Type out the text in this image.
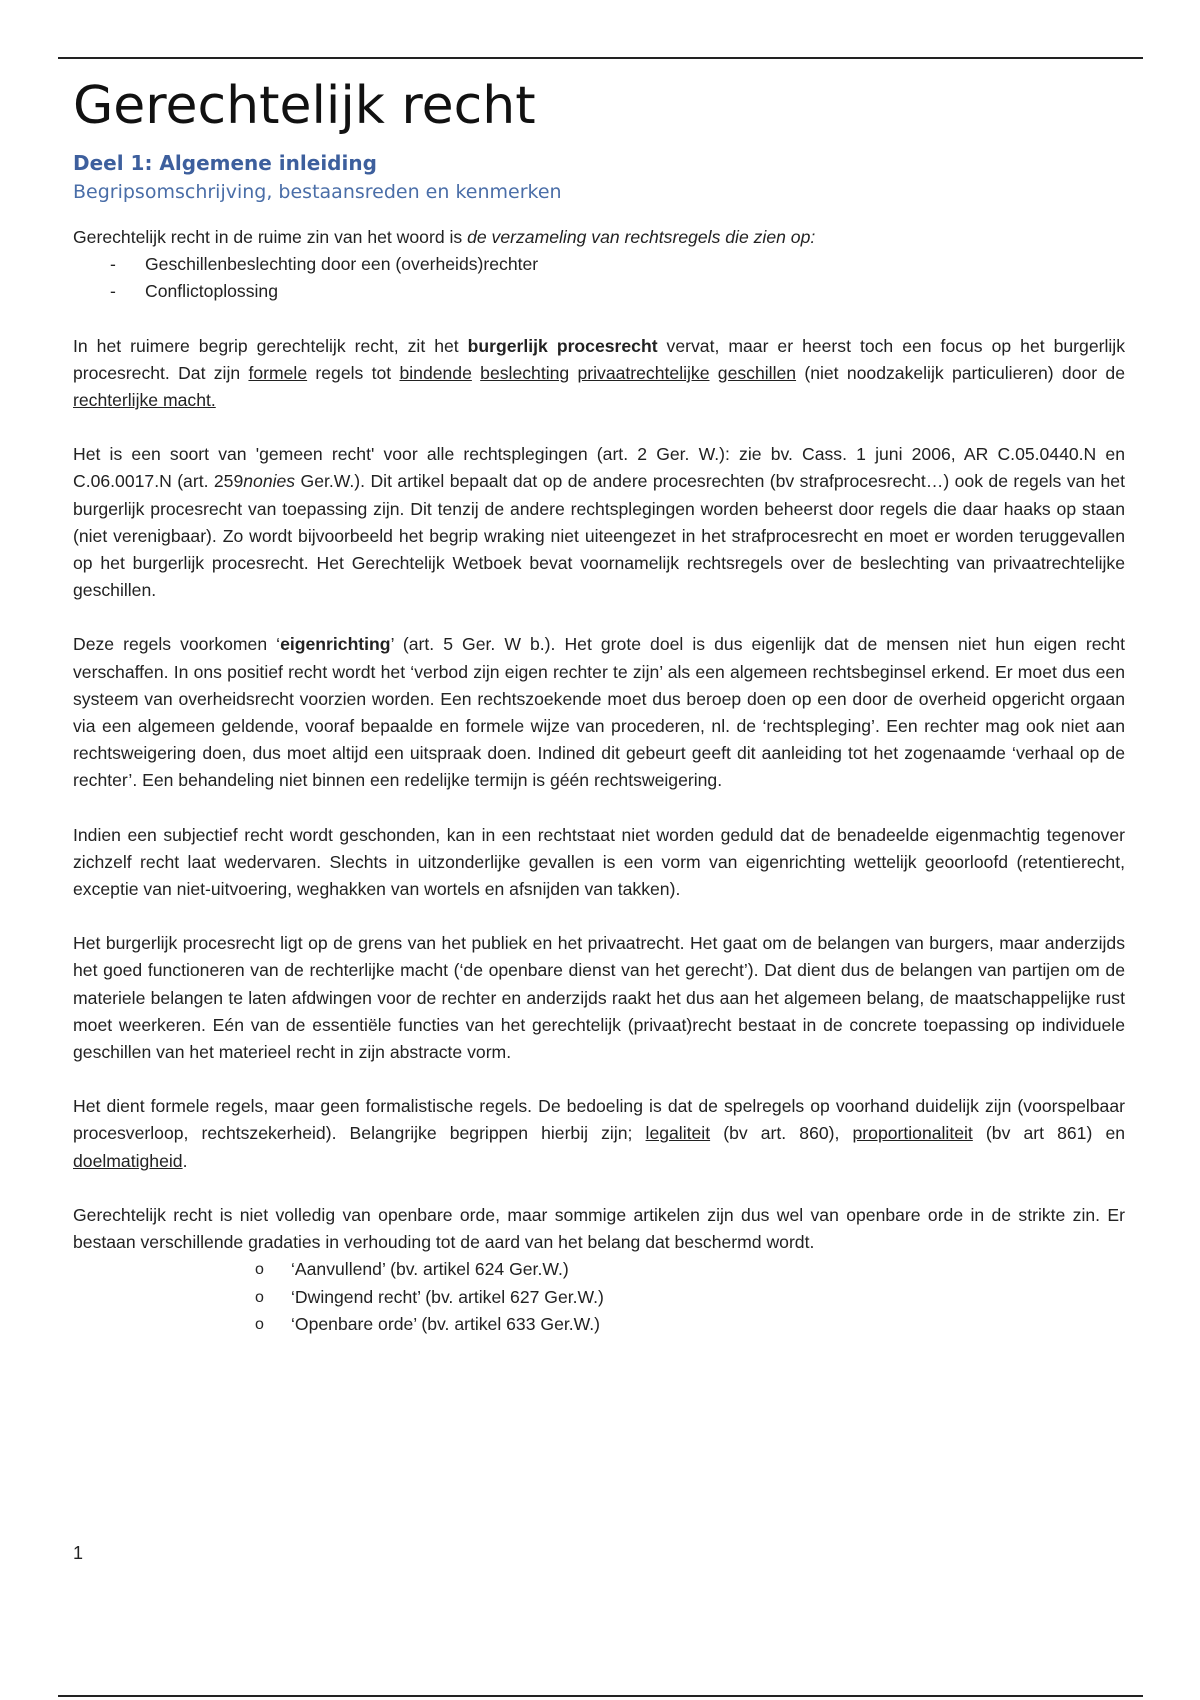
Gerechtelijk recht
Deel 1: Algemene inleiding
Begripsomschrijving, bestaansreden en kenmerken

Gerechtelijk recht in de ruime zin van het woord is de verzameling van rechtsregels die zien op:

- Geschillenbeslechting door een (overheids)rechter
- Conflictoplossing

In het ruimere begrip gerechtelijk recht, zit het burgerlijk procesrecht vervat, maar er heerst toch een focus op het burgerlijk procesrecht. Dat zijn formele regels tot bindende beslechting privaatrechtelijke geschillen (niet noodzakelijk particulieren) door de rechterlijke macht.

Het is een soort van 'gemeen recht' voor alle rechtsplegingen (art. 2 Ger. W.): zie bv. Cass. 1 juni 2006, AR C.05.0440.N en C.06.0017.N (art. 259nonies Ger.W.). Dit artikel bepaalt dat op de andere procesrechten (bv strafprocesrecht…) ook de regels van het burgerlijk procesrecht van toepassing zijn. Dit tenzij de andere rechtsplegingen worden beheerst door regels die daar haaks op staan (niet verenigbaar). Zo wordt bijvoorbeeld het begrip wraking niet uiteengezet in het strafprocesrecht en moet er worden teruggevallen op het burgerlijk procesrecht. Het Gerechtelijk Wetboek bevat voornamelijk rechtsregels over de beslechting van privaatrechtelijke geschillen.

Deze regels voorkomen ‘eigenrichting’ (art. 5 Ger. W b.). Het grote doel is dus eigenlijk dat de mensen niet hun eigen recht verschaffen. In ons positief recht wordt het ‘verbod zijn eigen rechter te zijn’ als een algemeen rechtsbeginsel erkend. Er moet dus een systeem van overheidsrecht voorzien worden. Een rechtszoekende moet dus beroep doen op een door de overheid opgericht orgaan via een algemeen geldende, vooraf bepaalde en formele wijze van procederen, nl. de ‘rechtspleging’. Een rechter mag ook niet aan rechtsweigering doen, dus moet altijd een uitspraak doen. Indined dit gebeurt geeft dit aanleiding tot het zogenaamde ‘verhaal op de rechter’. Een behandeling niet binnen een redelijke termijn is géén rechtsweigering.

Indien een subjectief recht wordt geschonden, kan in een rechtstaat niet worden geduld dat de benadeelde eigenmachtig tegenover zichzelf recht laat wedervaren. Slechts in uitzonderlijke gevallen is een vorm van eigenrichting wettelijk geoorloofd (retentierecht, exceptie van niet-uitvoering, weghakken van wortels en afsnijden van takken).

Het burgerlijk procesrecht ligt op de grens van het publiek en het privaatrecht. Het gaat om de belangen van burgers, maar anderzijds het goed functioneren van de rechterlijke macht (‘de openbare dienst van het gerecht’). Dat dient dus de belangen van partijen om de materiele belangen te laten afdwingen voor de rechter en anderzijds raakt het dus aan het algemeen belang, de maatschappelijke rust moet weerkeren. Eén van de essentiële functies van het gerechtelijk (privaat)recht bestaat in de concrete toepassing op individuele geschillen van het materieel recht in zijn abstracte vorm.

Het dient formele regels, maar geen formalistische regels. De bedoeling is dat de spelregels op voorhand duidelijk zijn (voorspelbaar procesverloop, rechtszekerheid). Belangrijke begrippen hierbij zijn; legaliteit (bv art. 860), proportionaliteit (bv art 861) en doelmatigheid.

Gerechtelijk recht is niet volledig van openbare orde, maar sommige artikelen zijn dus wel van openbare orde in de strikte zin. Er bestaan verschillende gradaties in verhouding tot de aard van het belang dat beschermd wordt.

o ‘Aanvullend’ (bv. artikel 624 Ger.W.)
o ‘Dwingend recht’ (bv. artikel 627 Ger.W.)
o ‘Openbare orde’ (bv. artikel 633 Ger.W.)
1
